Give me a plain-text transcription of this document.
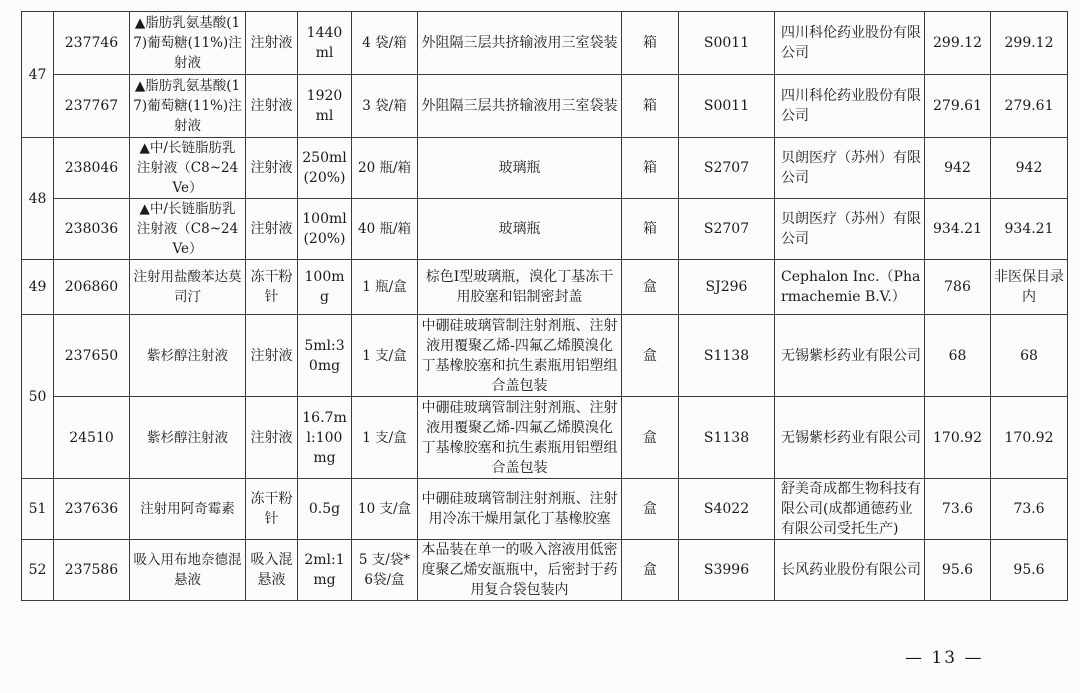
47	237746	▲脂肪乳氨基酸(17)葡萄糖(11%)注射液	注射液	1440ml	4 袋/箱	外阻隔三层共挤输液用三室袋装	箱	S0011	四川科伦药业股份有限公司	299.12	299.12
	237767	▲脂肪乳氨基酸(17)葡萄糖(11%)注射液	注射液	1920ml	3 袋/箱	外阻隔三层共挤输液用三室袋装	箱	S0011	四川科伦药业股份有限公司	279.61	279.61
48	238046	▲中/长链脂肪乳注射液（C8~24Ve）	注射液	250ml(20%)	20 瓶/箱	玻璃瓶	箱	S2707	贝朗医疗（苏州）有限公司	942	942
	238036	▲中/长链脂肪乳注射液（C8~24Ve）	注射液	100ml(20%)	40 瓶/箱	玻璃瓶	箱	S2707	贝朗医疗（苏州）有限公司	934.21	934.21
49	206860	注射用盐酸苯达莫司汀	冻干粉针	100mg	1 瓶/盒	棕色Ⅰ型玻璃瓶，溴化丁基冻干用胶塞和铝制密封盖	盒	SJ296	Cephalon Inc.（Pharmachemie B.V.）	786	非医保目录内
50	237650	紫杉醇注射液	注射液	5ml:30mg	1 支/盒	中硼硅玻璃管制注射剂瓶、注射液用覆聚乙烯-四氟乙烯膜溴化丁基橡胶塞和抗生素瓶用铝塑组合盖包装	盒	S1138	无锡紫杉药业有限公司	68	68
	24510	紫杉醇注射液	注射液	16.7ml:100mg	1 支/盒	中硼硅玻璃管制注射剂瓶、注射液用覆聚乙烯-四氟乙烯膜溴化丁基橡胶塞和抗生素瓶用铝塑组合盖包装	盒	S1138	无锡紫杉药业有限公司	170.92	170.92
51	237636	注射用阿奇霉素	冻干粉针	0.5g	10 支/盒	中硼硅玻璃管制注射剂瓶、注射用冷冻干燥用氯化丁基橡胶塞	盒	S4022	舒美奇成都生物科技有限公司(成都通德药业有限公司受托生产)	73.6	73.6
52	237586	吸入用布地奈德混悬液	吸入混悬液	2ml:1mg	5 支/袋*6袋/盒	本品装在单一的吸入溶液用低密度聚乙烯安瓿瓶中，后密封于药用复合袋包装内	盒	S3996	长风药业股份有限公司	95.6	95.6
— 13 —
